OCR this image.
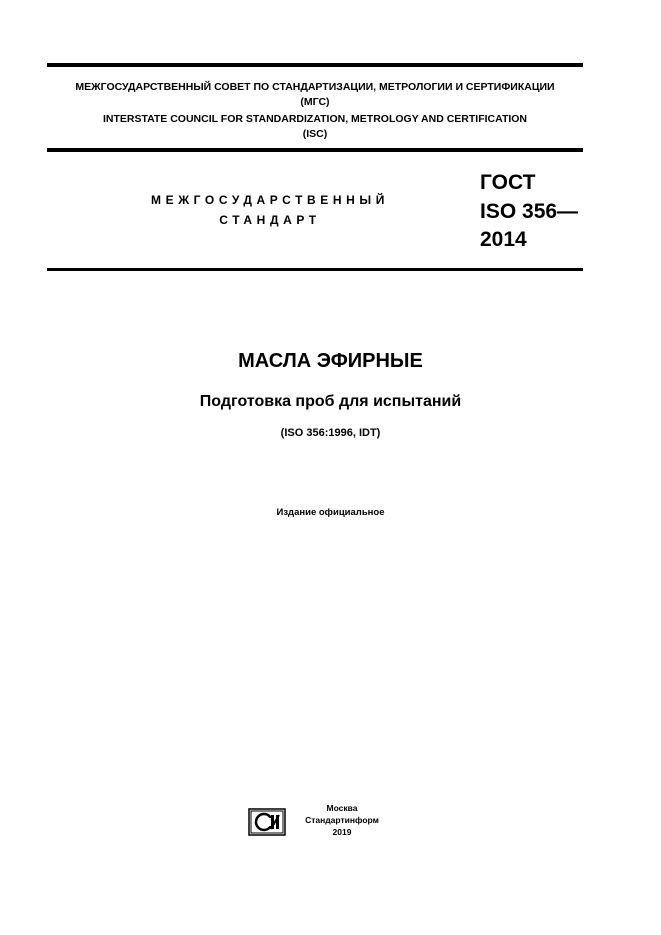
МЕЖГОСУДАРСТВЕННЫЙ СОВЕТ ПО СТАНДАРТИЗАЦИИ, МЕТРОЛОГИИ И СЕРТИФИКАЦИИ
(МГС)
INTERSTATE COUNCIL FOR STANDARDIZATION, METROLOGY AND CERTIFICATION
(ISC)
МЕЖГОСУДАРСТВЕННЫЙ
СТАНДАРТ
ГОСТ
ISO 356—
2014
МАСЛА ЭФИРНЫЕ
Подготовка проб для испытаний
(ISO 356:1996, IDT)
Издание официальное
Москва
Стандартинформ
2019
